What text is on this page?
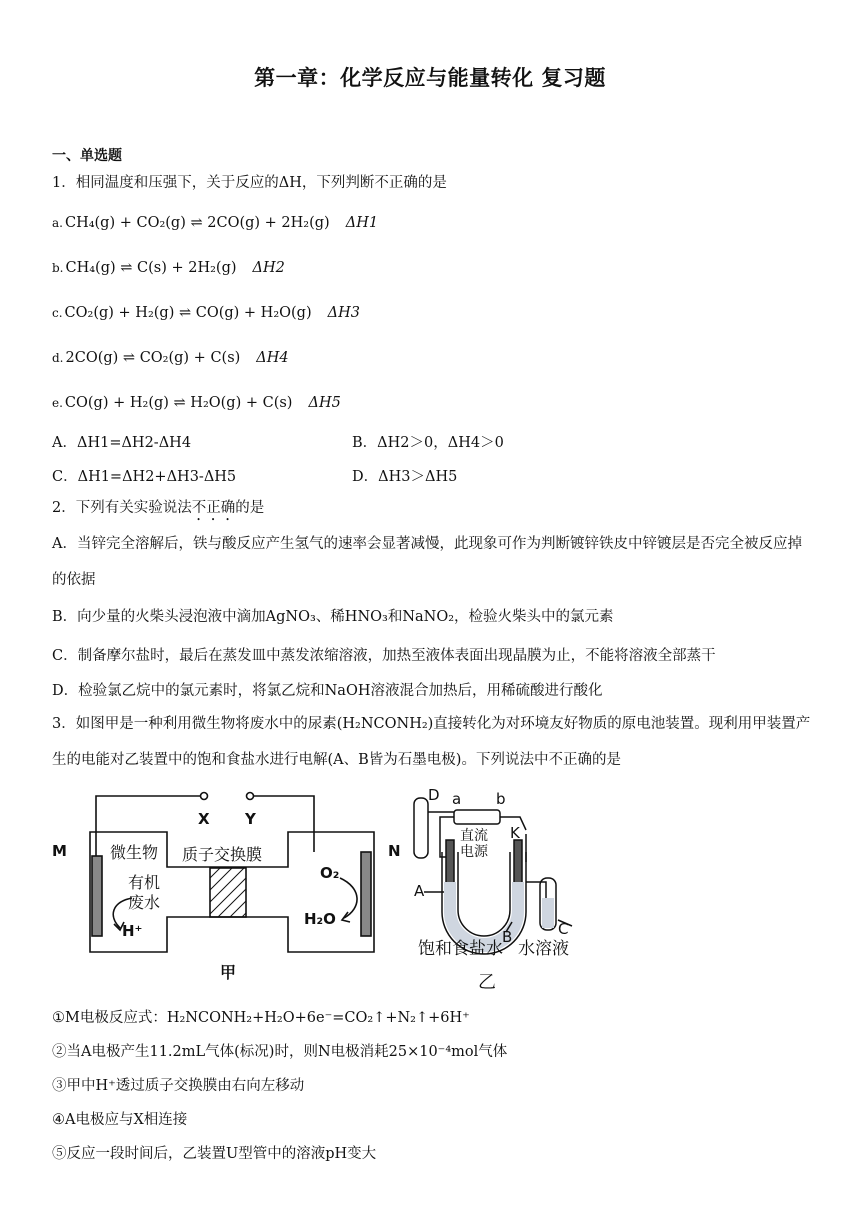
第一章：化学反应与能量转化 复习题
一、单选题
1．相同温度和压强下，关于反应的ΔH，下列判断不正确的是
a. CH₄(g) + CO₂(g) ⇌ 2CO(g) + 2H₂(g) ΔH1
b. CH₄(g) ⇌ C(s) + 2H₂(g) ΔH2
c. CO₂(g) + H₂(g) ⇌ CO(g) + H₂O(g) ΔH3
d. 2CO(g) ⇌ CO₂(g) + C(s) ΔH4
e. CO(g) + H₂(g) ⇌ H₂O(g) + C(s) ΔH5
A．ΔH1=ΔH2-ΔH4	B．ΔH2＞0，ΔH4＞0
C．ΔH1=ΔH2+ΔH3-ΔH5	D．ΔH3＞ΔH5
2．下列有关实验说法不正确的是
A．当锌完全溶解后，铁与酸反应产生氢气的速率会显著减慢，此现象可作为判断镀锌铁皮中锌镀层是否完全被反应掉的依据
B．向少量的火柴头浸泡液中滴加AgNO₃、稀HNO₃和NaNO₂，检验火柴头中的氯元素
C．制备摩尔盐时，最后在蒸发皿中蒸发浓缩溶液，加热至液体表面出现晶膜为止，不能将溶液全部蒸干
D．检验氯乙烷中的氯元素时，将氯乙烷和NaOH溶液混合加热后，用稀硫酸进行酸化
3．如图甲是一种利用微生物将废水中的尿素(H₂NCONH₂)直接转化为对环境友好物质的原电池装置。现利用甲装置产生的电能对乙装置中的饱和食盐水进行电解(A、B皆为石墨电极)。下列说法中不正确的是
X Y
M	N
微生物 质子交换膜
有机
废水
H⁺
O₂
H₂O
甲
D a b
K
直流
电源
A
B	C
饱和食盐水 水溶液
乙
①M电极反应式：H₂NCONH₂+H₂O+6e⁻=CO₂↑+N₂↑+6H⁺
②当A电极产生11.2mL气体(标况)时，则N电极消耗25×10⁻⁴mol气体
③甲中H⁺透过质子交换膜由右向左移动
④A电极应与X相连接
⑤反应一段时间后，乙装置U型管中的溶液pH变大
